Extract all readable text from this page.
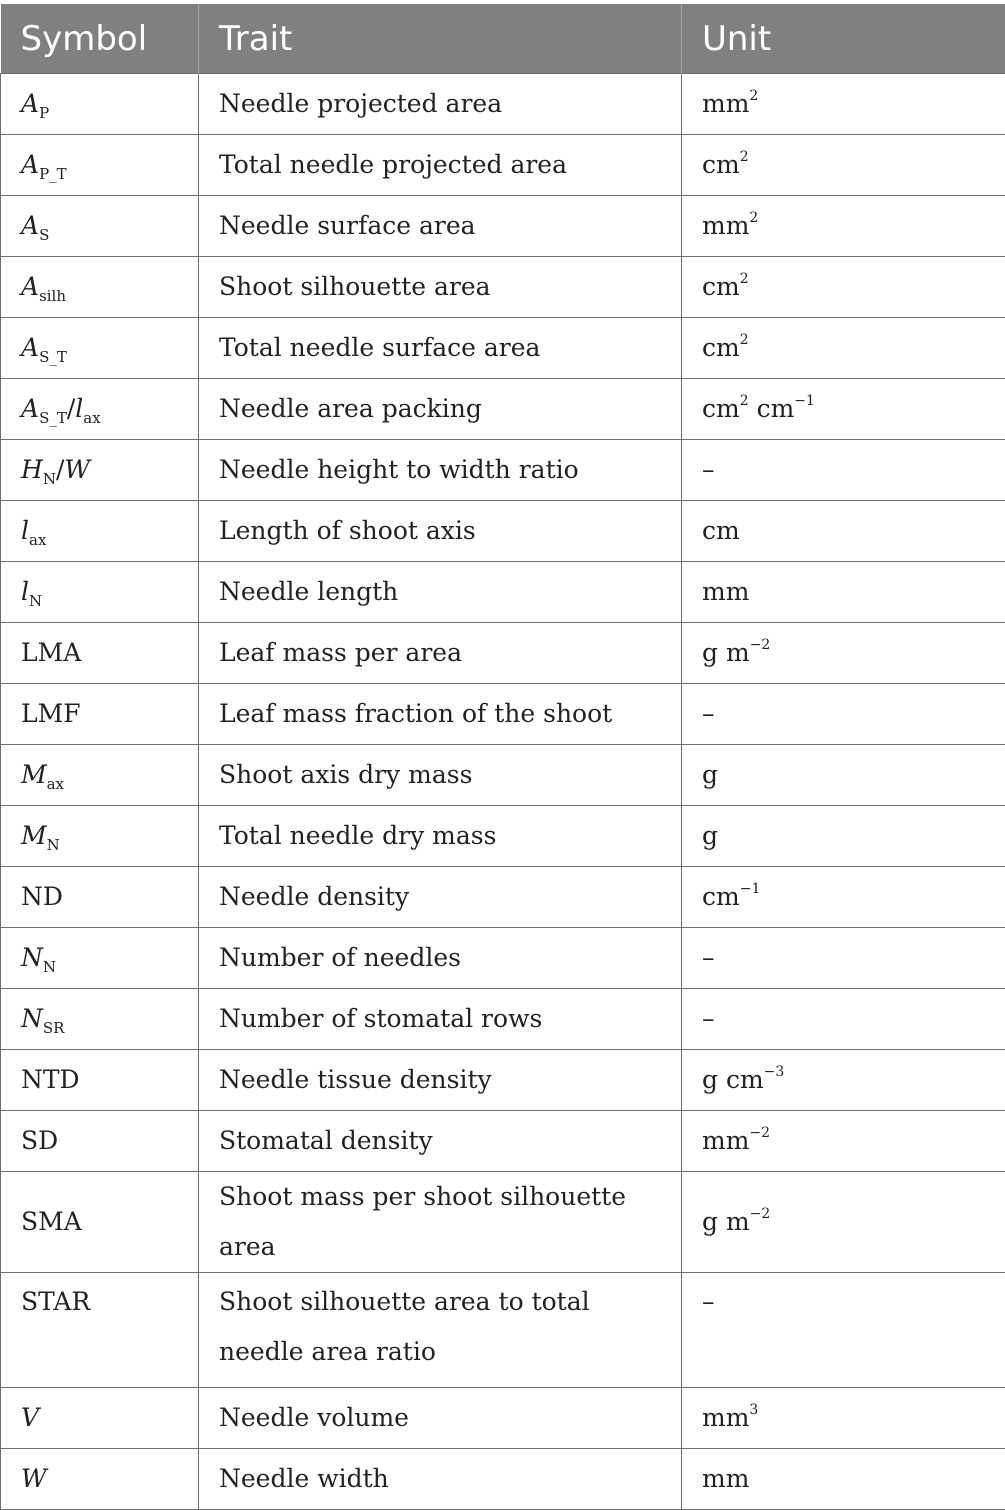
Symbol	Trait	Unit
$A_P$	Needle projected area	$mm^2$
$A_{P\_T}$	Total needle projected area	$cm^2$
$A_S$	Needle surface area	$mm^2$
$A_{silh}$	Shoot silhouette area	$cm^2$
$A_{S\_T}$	Total needle surface area	$cm^2$
$A_{S\_T}/l_{ax}$	Needle area packing	$cm^2$ $cm^{-1}$
$H_N/W$	Needle height to width ratio	–
$l_{ax}$	Length of shoot axis	cm
$l_N$	Needle length	mm
LMA	Leaf mass per area	g $m^{-2}$
LMF	Leaf mass fraction of the shoot	–
$M_{ax}$	Shoot axis dry mass	g
$M_N$	Total needle dry mass	g
ND	Needle density	$cm^{-1}$
$N_N$	Number of needles	–
$N_{SR}$	Number of stomatal rows	–
NTD	Needle tissue density	g $cm^{-3}$
SD	Stomatal density	$mm^{-2}$
SMA	Shoot mass per shoot silhouette area	g $m^{-2}$
STAR	Shoot silhouette area to total needle area ratio	–
V	Needle volume	$mm^3$
W	Needle width	mm
